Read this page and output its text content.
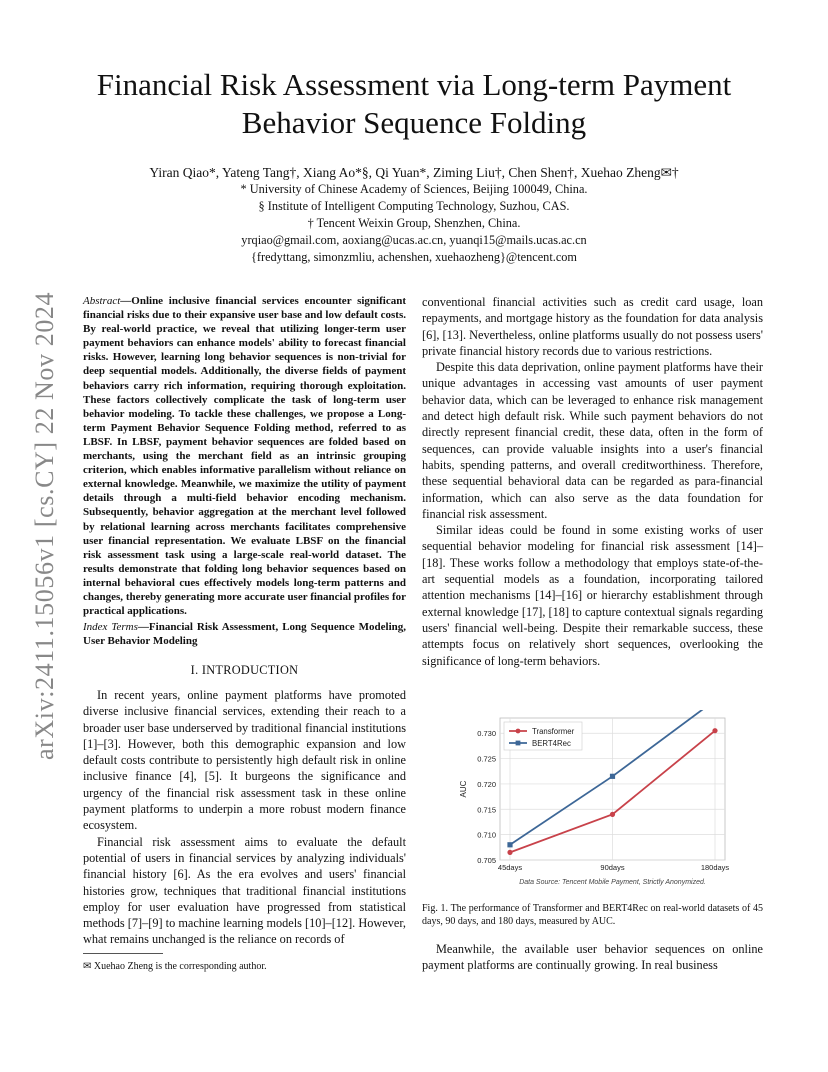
arXiv:2411.15056v1 [cs.CY] 22 Nov 2024
Financial Risk Assessment via Long-term Payment
Behavior Sequence Folding
Yiran Qiao*, Yateng Tang†, Xiang Ao*§, Qi Yuan*, Ziming Liu†, Chen Shen†, Xuehao Zheng✉†
* University of Chinese Academy of Sciences, Beijing 100049, China.
§ Institute of Intelligent Computing Technology, Suzhou, CAS.
† Tencent Weixin Group, Shenzhen, China.
yrqiao@gmail.com, aoxiang@ucas.ac.cn, yuanqi15@mails.ucas.ac.cn
{fredyttang, simonzmliu, achenshen, xuehaozheng}@tencent.com
Abstract—Online inclusive financial services encounter significant financial risks due to their expansive user base and low default costs. By real-world practice, we reveal that utilizing longer-term user payment behaviors can enhance models' ability to forecast financial risks. However, learning long behavior sequences is non-trivial for deep sequential models. Additionally, the diverse fields of payment behaviors carry rich information, requiring thorough exploitation. These factors collectively complicate the task of long-term user behavior modeling. To tackle these challenges, we propose a Long-term Payment Behavior Sequence Folding method, referred to as LBSF. In LBSF, payment behavior sequences are folded based on merchants, using the merchant field as an intrinsic grouping criterion, which enables informative parallelism without reliance on external knowledge. Meanwhile, we maximize the utility of payment details through a multi-field behavior encoding mechanism. Subsequently, behavior aggregation at the merchant level followed by relational learning across merchants facilitates comprehensive user financial representation. We evaluate LBSF on the financial risk assessment task using a large-scale real-world dataset. The results demonstrate that folding long behavior sequences based on internal behavioral cues effectively models long-term patterns and changes, thereby generating more accurate user financial profiles for practical applications.
Index Terms—Financial Risk Assessment, Long Sequence Modeling, User Behavior Modeling
I. INTRODUCTION

In recent years, online payment platforms have promoted diverse inclusive financial services, extending their reach to a broader user base underserved by traditional financial institutions [1]–[3]. However, both this demographic expansion and low default costs contribute to persistently high default risk in online inclusive finance [4], [5]. It burgeons the significance and urgency of the financial risk assessment task in these online payment platforms to underpin a more robust modern finance ecosystem.

Financial risk assessment aims to evaluate the default potential of users in financial services by analyzing individuals' financial history [6]. As the era evolves and users' financial histories grow, techniques that traditional financial institutions employ for user evaluation have progressed from statistical methods [7]–[9] to machine learning models [10]–[12]. However, what remains unchanged is the reliance on records of

✉ Xuehao Zheng is the corresponding author.

conventional financial activities such as credit card usage, loan repayments, and mortgage history as the foundation for data analysis [6], [13]. Nevertheless, online platforms usually do not possess users' private financial history records due to various restrictions.

Despite this data deprivation, online payment platforms have their unique advantages in accessing vast amounts of user payment behavior data, which can be leveraged to enhance risk management and detect high default risk. While such payment behaviors do not directly represent financial credit, these data, often in the form of sequences, can provide valuable insights into a user's financial habits, spending patterns, and overall creditworthiness. Therefore, these sequential behavioral data can be regarded as para-financial information, which can also serve as the data foundation for financial risk assessment.

Similar ideas could be found in some existing works of user sequential behavior modeling for financial risk assessment [14]–[18]. These works follow a methodology that employs state-of-the-art sequential models as a foundation, incorporating tailored attention mechanisms [14]–[16] or hierarchy establishment through external knowledge [17], [18] to capture contextual signals regarding users' financial well-being. Despite their remarkable success, these attempts focus on relatively short sequences, overlooking the significance of long-term behaviors.

0.705
0.710
0.715
0.720
0.725
0.730
45days	90days	180days
AUC
Transformer
BERT4Rec
Data Source: Tencent Mobile Payment, Strictly Anonymized.
Fig. 1. The performance of Transformer and BERT4Rec on real-world datasets of 45 days, 90 days, and 180 days, measured by AUC.

Meanwhile, the available user behavior sequences on online payment platforms are continually growing. In real business
